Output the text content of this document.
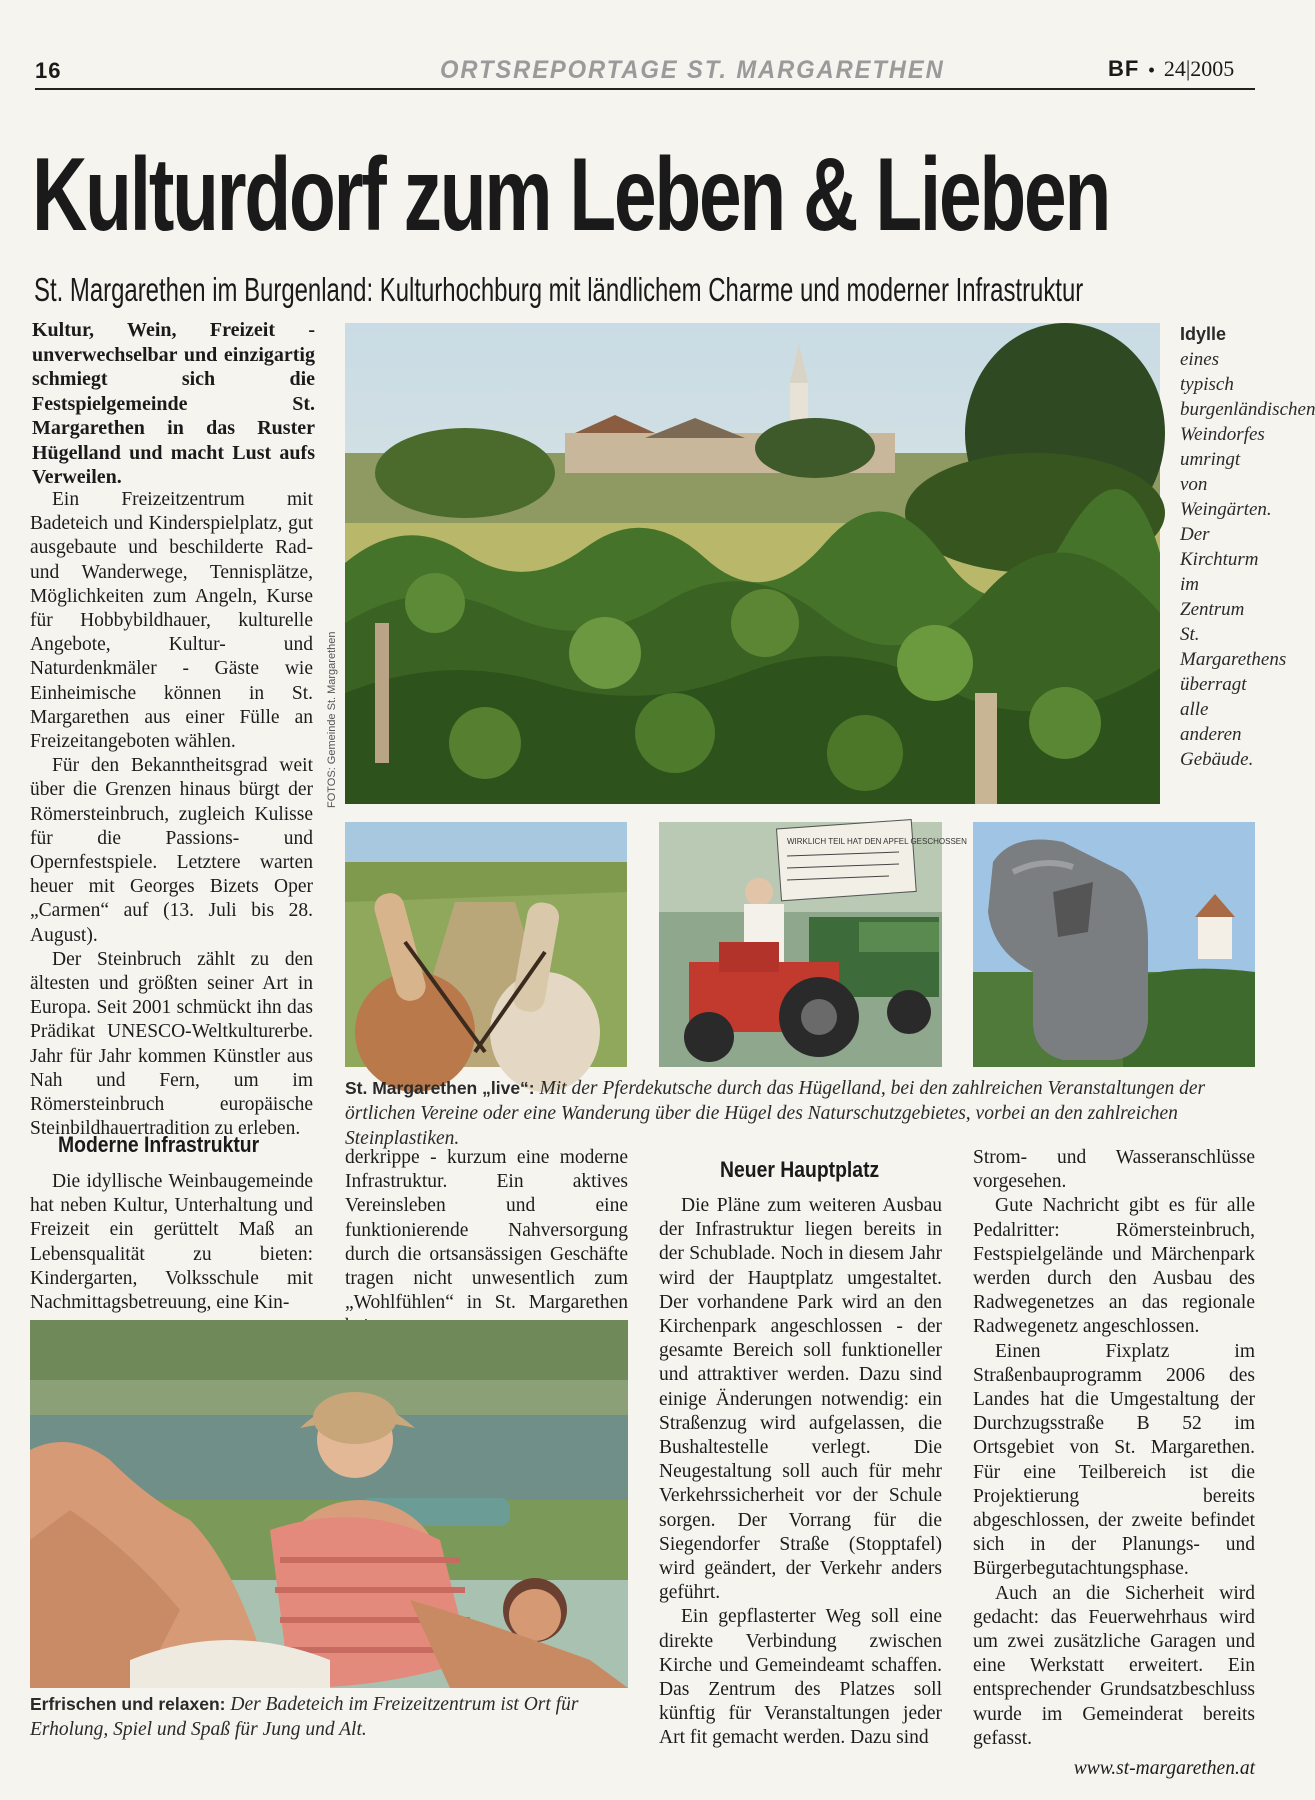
16	ORTSREPORTAGE ST. MARGARETHEN	BF • 24|2005
Kulturdorf zum Leben & Lieben
St. Margarethen im Burgenland: Kulturhochburg mit ländlichem Charme und moderner Infrastruktur
Kultur, Wein, Freizeit - unverwechselbar und einzigartig schmiegt sich die Festspielgemeinde St. Margarethen in das Ruster Hügelland und macht Lust aufs Verweilen.

Ein Freizeitzentrum mit Badeteich und Kinderspielplatz, gut ausgebaute und beschilderte Rad- und Wanderwege, Tennisplätze, Möglichkeiten zum Angeln, Kurse für Hobbybildhauer, kulturelle Angebote, Kultur- und Naturdenkmäler - Gäste wie Einheimische können in St. Margarethen aus einer Fülle an Freizeitangeboten wählen.

Für den Bekanntheitsgrad weit über die Grenzen hinaus bürgt der Römersteinbruch, zugleich Kulisse für die Passions- und Opernfestspiele. Letztere warten heuer mit Georges Bizets Oper „Carmen“ auf (13. Juli bis 28. August).

Der Steinbruch zählt zu den ältesten und größten seiner Art in Europa. Seit 2001 schmückt ihn das Prädikat UNESCO-Weltkulturerbe. Jahr für Jahr kommen Künstler aus Nah und Fern, um im Römersteinbruch europäische Steinbildhauertradition zu erleben.

FOTOS: Gemeinde St. Margarethen
Idylle eines typisch burgenländischen Weindorfes umringt von Weingärten. Der Kirchturm im Zentrum St. Margarethens überragt alle anderen Gebäude.
WIRKLICH TEIL HAT DEN APFEL GESCHOSSEN
St. Margarethen „live“: Mit der Pferdekutsche durch das Hügelland, bei den zahlreichen Veranstaltungen der örtlichen Vereine oder eine Wanderung über die Hügel des Naturschutzgebietes, vorbei an den zahlreichen Steinplastiken.
Moderne Infrastruktur

Die idyllische Weinbaugemeinde hat neben Kultur, Unterhaltung und Freizeit ein gerüttelt Maß an Lebensqualität zu bieten: Kindergarten, Volksschule mit Nachmittagsbetreuung, eine Kin-

derkrippe - kurzum eine moderne Infrastruktur. Ein aktives Vereinsleben und eine funktionierende Nahversorgung durch die ortsansässigen Geschäfte tragen nicht unwesentlich zum „Wohlfühlen“ in St. Margarethen

Erfrischen und relaxen: Der Badeteich im Freizeitzentrum ist Ort für Erholung, Spiel und Spaß für Jung und Alt.
Neuer Hauptplatz

Die Pläne zum weiteren Ausbau der Infrastruktur liegen bereits in der Schublade. Noch in diesem Jahr wird der Hauptplatz umgestaltet. Der vorhandene Park wird an den Kirchenpark angeschlossen - der gesamte Bereich soll funktioneller und attraktiver werden. Dazu sind einige Änderungen notwendig: ein Straßenzug wird aufgelassen, die Bushaltestelle verlegt. Die Neugestaltung soll auch für mehr Verkehrssicherheit vor der Schule sorgen. Der Vorrang für die Siegendorfer Straße (Stopptafel) wird geändert, der Verkehr anders geführt.

Ein gepflasterter Weg soll eine direkte Verbindung zwischen Kirche und Gemeindeamt schaffen. Das Zentrum des Platzes soll künftig für Veranstaltungen jeder Art fit gemacht werden. Dazu sind

Strom- und Wasseranschlüsse vorgesehen.

Gute Nachricht gibt es für alle Pedalritter: Römersteinbruch, Festspielgelände und Märchenpark werden durch den Ausbau des Radwegenetzes an das regionale Radwegenetz angeschlossen.

Einen Fixplatz im Straßenbauprogramm 2006 des Landes hat die Umgestaltung der Durchzugsstraße B 52 im Ortsgebiet von St. Margarethen. Für eine Teilbereich ist die Projektierung bereits abgeschlossen, der zweite befindet sich in der Planungs- und Bürgerbegutachtungsphase.

Auch an die Sicherheit wird gedacht: das Feuerwehrhaus wird um zwei zusätzliche Garagen und eine Werkstatt erweitert. Ein entsprechender Grundsatzbeschluss wurde im Gemeinderat bereits gefasst.

www.st-margarethen.at
